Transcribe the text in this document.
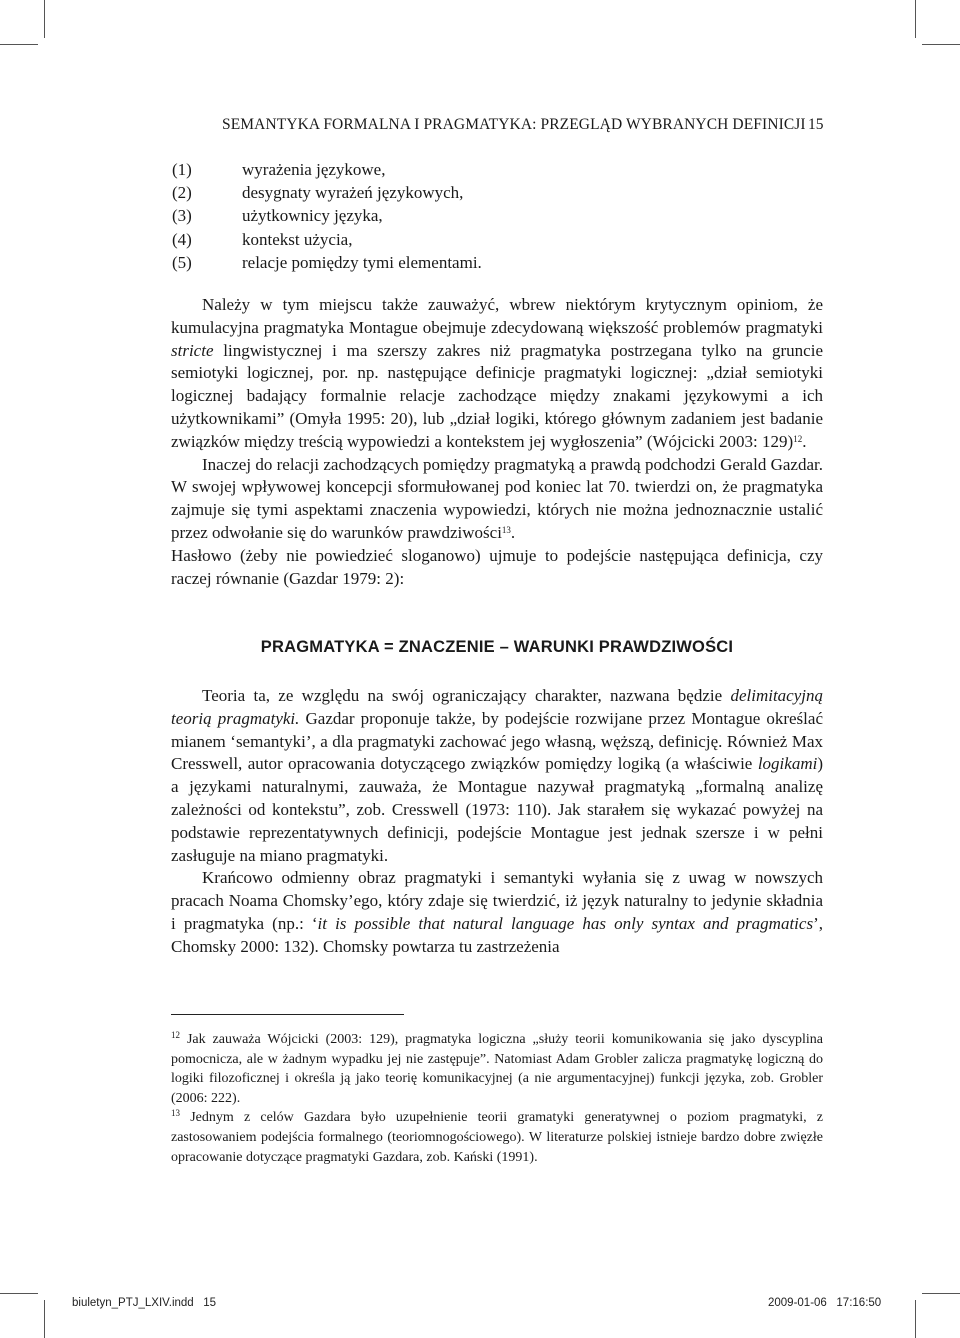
SEMANTYKA FORMALNA I PRAGMATYKA: PRZEGLĄD WYBRANYCH DEFINICJI 15
(1)	wyrażenia językowe,
(2)	desygnaty wyrażeń językowych,
(3)	użytkownicy języka,
(4)	kontekst użycia,
(5)	relacje pomiędzy tymi elementami.

Należy w tym miejscu także zauważyć, wbrew niektórym krytycznym opiniom, że kumulacyjna pragmatyka Montague obejmuje zdecydowaną większość problemów pragmatyki stricte lingwistycznej i ma szerszy zakres niż pragmatyka postrzegana tylko na gruncie semiotyki logicznej, por. np. następujące definicje pragmatyki logicznej: „dział semiotyki logicznej badający formalnie relacje zachodzące między znakami językowymi a ich użytkownikami” (Omyła 1995: 20), lub „dział logiki, którego głównym zadaniem jest badanie związków między treścią wypowiedzi a kontekstem jej wygłoszenia” (Wójcicki 2003: 129)$^{12}$.

Inaczej do relacji zachodzących pomiędzy pragmatyką a prawdą podchodzi Gerald Gazdar. W swojej wpływowej koncepcji sformułowanej pod koniec lat 70. twierdzi on, że pragmatyka zajmuje się tymi aspektami znaczenia wypowiedzi, których nie można jednoznacznie ustalić przez odwołanie się do warunków prawdziwości$^{13}$.

Hasłowo (żeby nie powiedzieć sloganowo) ujmuje to podejście następująca definicja, czy raczej równanie (Gazdar 1979: 2):

PRAGMATYKA = ZNACZENIE – WARUNKI PRAWDZIWOŚCI

Teoria ta, ze względu na swój ograniczający charakter, nazwana będzie delimitacyjną teorią pragmatyki. Gazdar proponuje także, by podejście rozwijane przez Montague określać mianem ‘semantyki’, a dla pragmatyki zachować jego własną, węższą, definicję. Również Max Cresswell, autor opracowania dotyczącego związków pomiędzy logiką (a właściwie logikami) a językami naturalnymi, zauważa, że Montague nazywał pragmatyką „formalną analizę zależności od kontekstu”, zob. Cresswell (1973: 110). Jak starałem się wykazać powyżej na podstawie reprezentatywnych definicji, podejście Montague jest jednak szersze i w pełni zasługuje na miano pragmatyki.

Krańcowo odmienny obraz pragmatyki i semantyki wyłania się z uwag w nowszych pracach Noama Chomsky’ego, który zdaje się twierdzić, iż język naturalny to jedynie składnia i pragmatyka (np.: ‘it is possible that natural language has only syntax and pragmatics’, Chomsky 2000: 132). Chomsky powtarza tu zastrzeżenia

$^{12}$ Jak zauważa Wójcicki (2003: 129), pragmatyka logiczna „służy teorii komunikowania się jako dyscyplina pomocnicza, ale w żadnym wypadku jej nie zastępuje”. Natomiast Adam Grobler zalicza pragmatykę logiczną do logiki filozoficznej i określa ją jako teorię komunikacyjnej (a nie argumentacyjnej) funkcji języka, zob. Grobler (2006: 222).

$^{13}$ Jednym z celów Gazdara było uzupełnienie teorii gramatyki generatywnej o poziom pragmatyki, z zastosowaniem podejścia formalnego (teoriomnogościowego). W literaturze polskiej istnieje bardzo dobre zwięzłe opracowanie dotyczące pragmatyki Gazdara, zob. Kański (1991).

biuletyn_PTJ_LXIV.indd   15	2009-01-06   17:16:50
